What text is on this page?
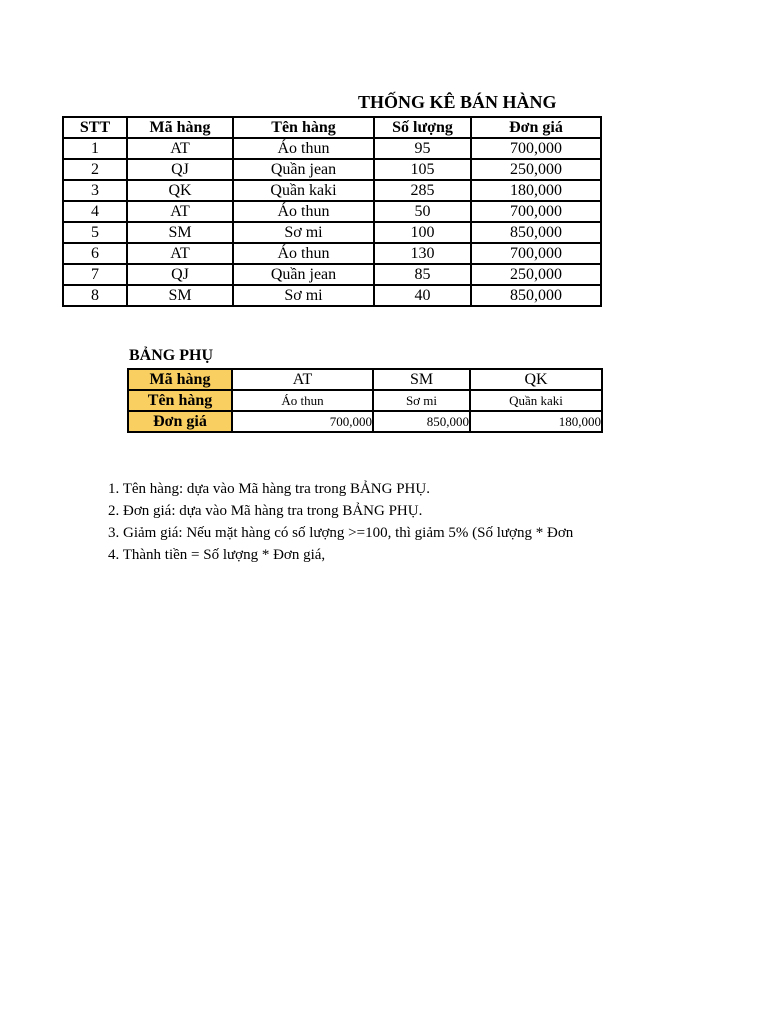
THỐNG KÊ BÁN HÀNG
STT	Mã hàng	Tên hàng	Số lượng	Đơn giá
1	AT	Áo thun	95	700,000
2	QJ	Quần jean	105	250,000
3	QK	Quần kaki	285	180,000
4	AT	Áo thun	50	700,000
5	SM	Sơ mi	100	850,000
6	AT	Áo thun	130	700,000
7	QJ	Quần jean	85	250,000
8	SM	Sơ mi	40	850,000
BẢNG PHỤ
Mã hàng	AT	SM	QK
Tên hàng	Áo thun	Sơ mi	Quần kaki
Đơn giá	700,000	850,000	180,000
1. Tên hàng: dựa vào Mã hàng tra trong BẢNG PHỤ.
2. Đơn giá: dựa vào Mã hàng tra trong BẢNG PHỤ.
3. Giảm giá: Nếu mặt hàng có số lượng >=100, thì giảm 5% (Số lượng * Đơn
4. Thành tiền = Số lượng * Đơn giá,
